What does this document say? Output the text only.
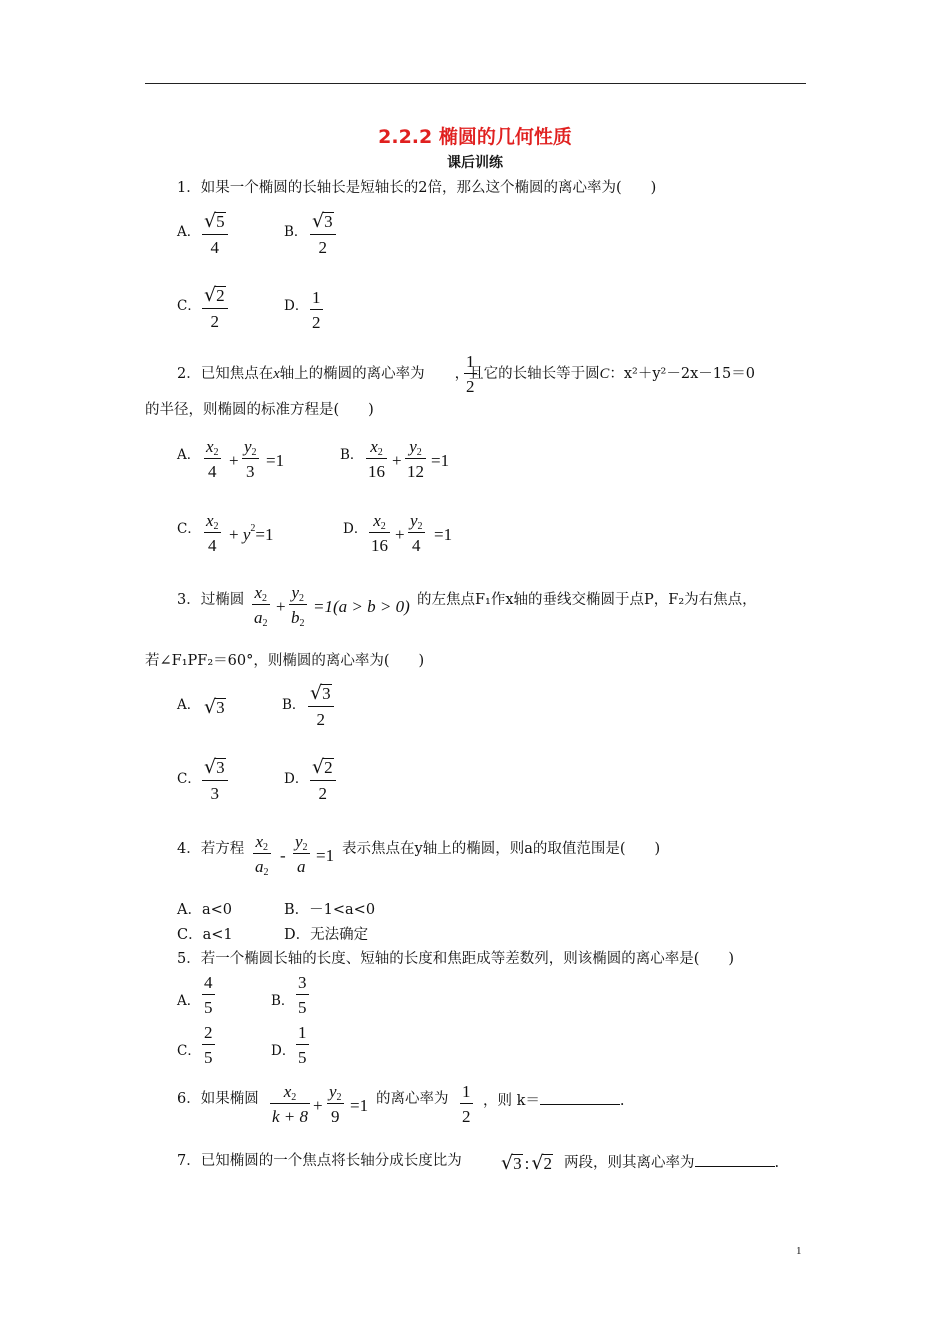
2.2.2 椭圆的几何性质
课后训练
1．如果一个椭圆的长轴长是短轴长的2倍，那么这个椭圆的离心率为(　　)
A． √ 5
4
B． √ 3
2
C． √ 2
2
D． 1
2
2．已知焦点在x轴上的椭圆的离心率为 ，且它的长轴长等于圆C：x²＋y²－2x－15＝0
1
2
的半径，则椭圆的标准方程是(　　)
A． $x^2$
4
+
$y^2$
3
=1	B． $x^2$
16
+
$y^2$
12
=1
C． $x^2$
4
+ $y^2=1$	D． $x^2$
16
+
$y^2$
4
=1
3．过椭圆 $x^2$
$a^2$
+
$y^2$
$b^2$
=1(a > b > 0) 的左焦点F₁作x轴的垂线交椭圆于点P，F₂为右焦点，
若∠F₁PF₂＝60°，则椭圆的离心率为(　　)
A． √ 3	B．
√ 3
2
C．
√ 3
3
D．
√ 2
2
4．若方程 $x^2$
$a^2$
-
$y^2$
a
=1 表示焦点在y轴上的椭圆，则a的取值范围是(　　)
A．a<0	B．－1<a<0
C．a<1	D．无法确定
5．若一个椭圆长轴的长度、短轴的长度和焦距成等差数列，则该椭圆的离心率是(　　)
A．
4
5	B．
3
5
C．
2
5	D．
1
5
6．如果椭圆 $x^2$
k + 8
+
$y^2$
9
=1 的离心率为 1
2
，则 k＝	.
7．已知椭圆的一个焦点将长轴分成长度比为 √ 3 : √ 2 两段，则其离心率为	.
1
